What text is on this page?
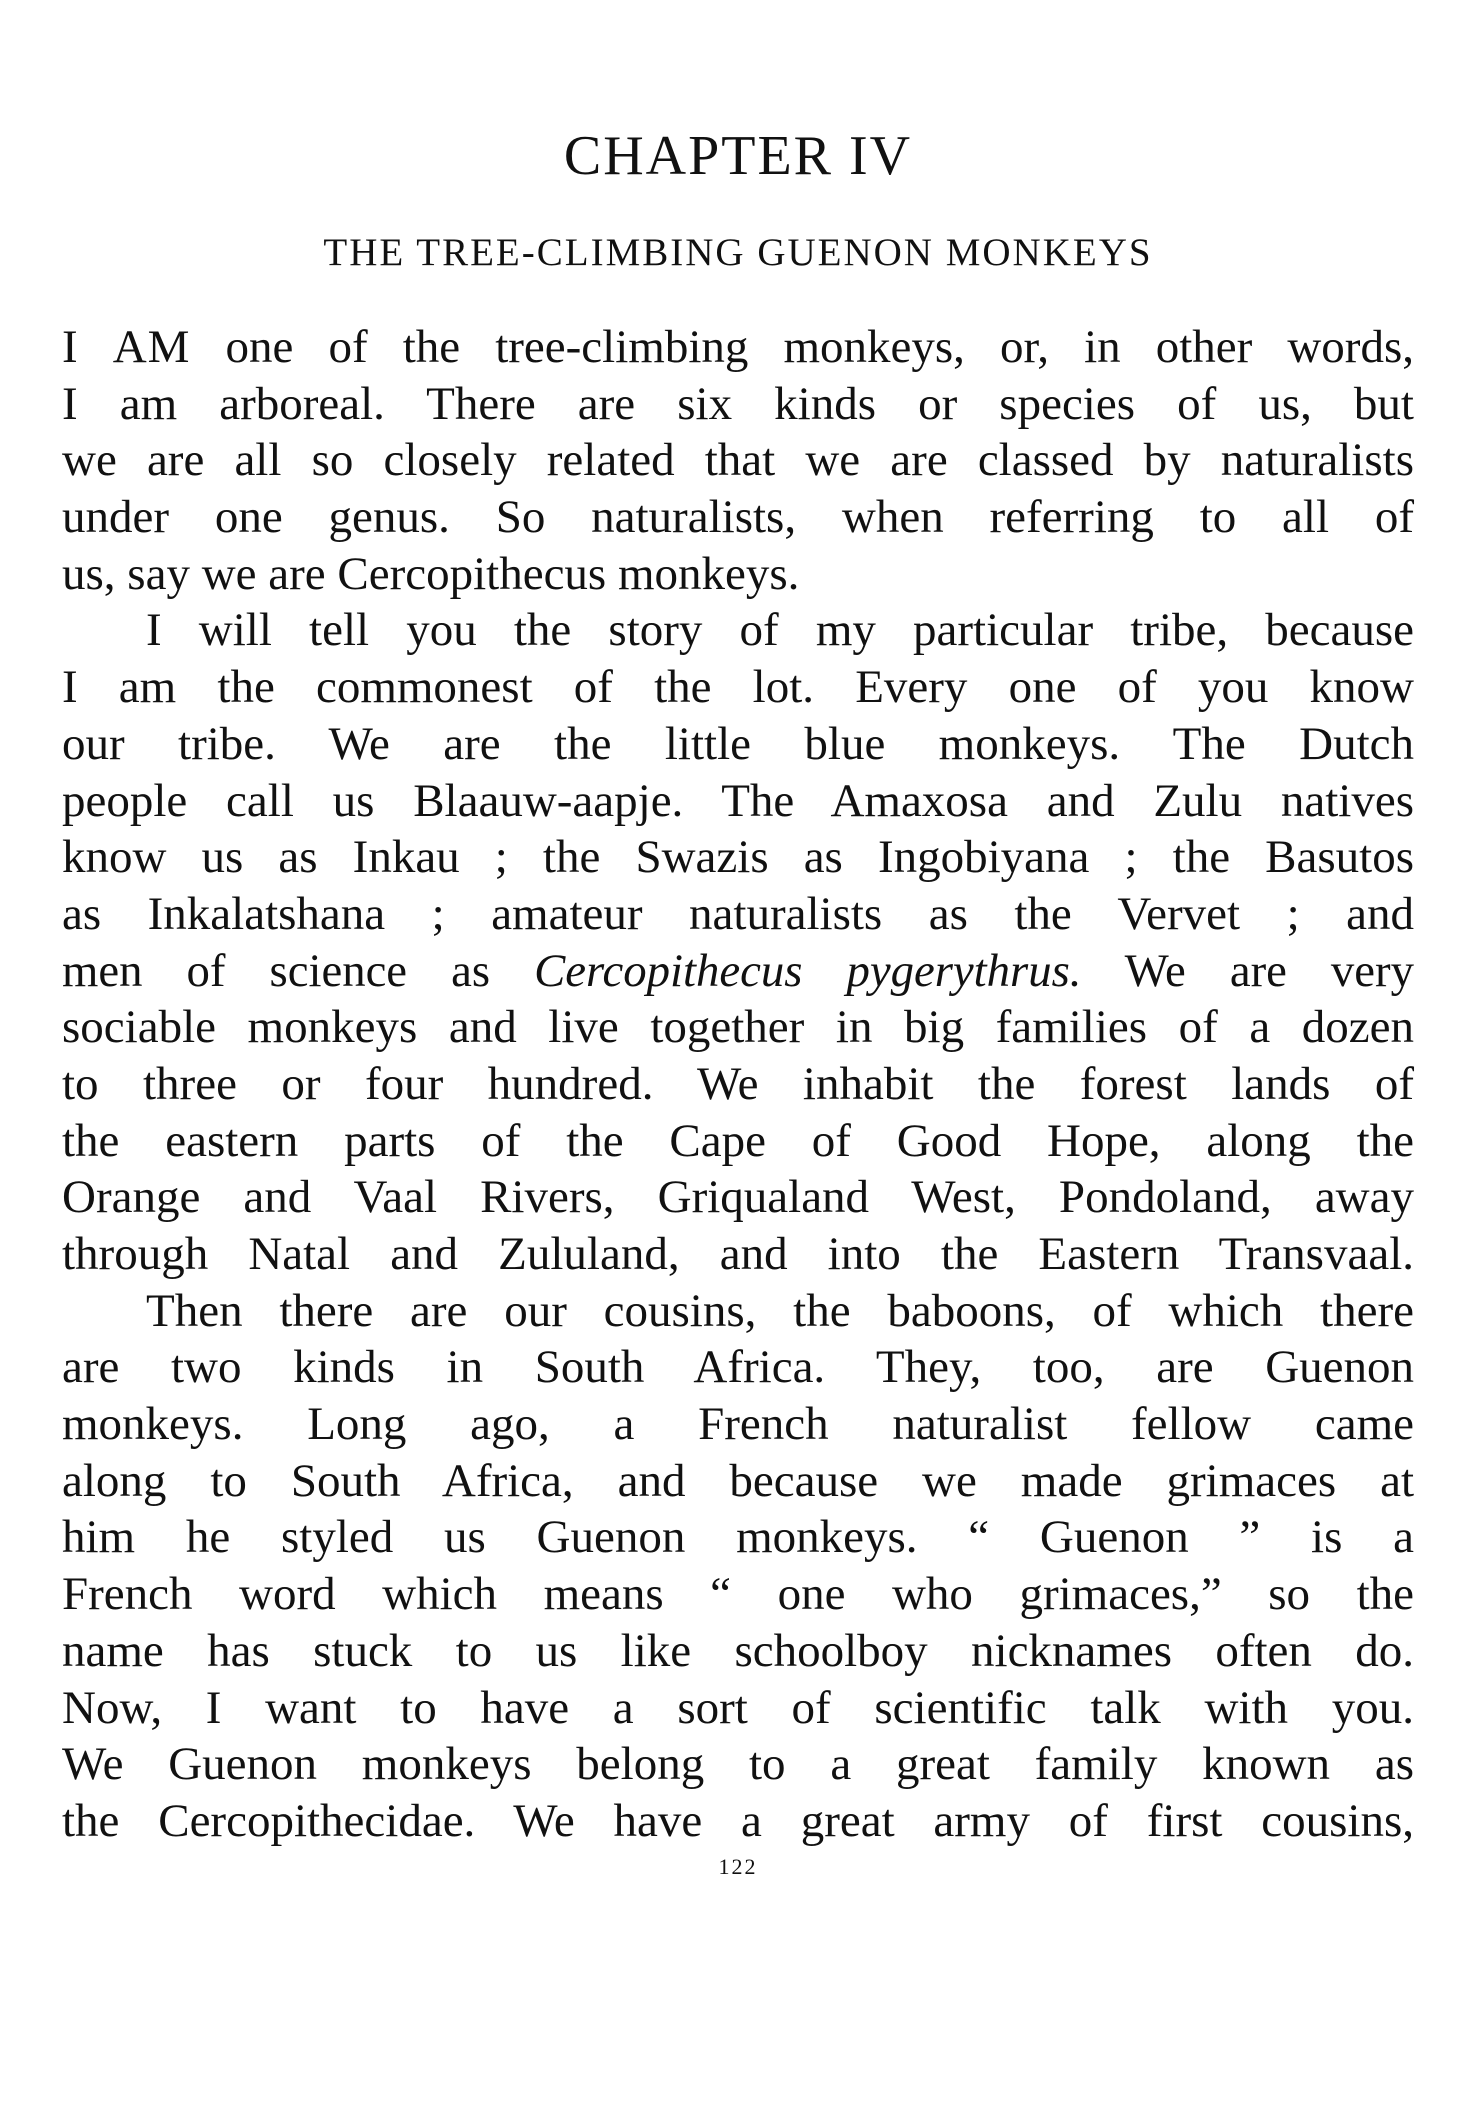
CHAPTER IV
THE TREE-CLIMBING GUENON MONKEYS
I AM one of the tree-climbing monkeys, or, in other words,
I am arboreal. There are six kinds or species of us, but
we are all so closely related that we are classed by naturalists
under one genus. So naturalists, when referring to all of
us, say we are Cercopithecus monkeys.
I will tell you the story of my particular tribe, because
I am the commonest of the lot. Every one of you know
our tribe. We are the little blue monkeys. The Dutch
people call us Blaauw-aapje. The Amaxosa and Zulu natives
know us as Inkau ; the Swazis as Ingobiyana ; the Basutos
as Inkalatshana ; amateur naturalists as the Vervet ; and
men of science as Cercopithecus pygerythrus. We are very
sociable monkeys and live together in big families of a dozen
to three or four hundred. We inhabit the forest lands of
the eastern parts of the Cape of Good Hope, along the
Orange and Vaal Rivers, Griqualand West, Pondoland, away
through Natal and Zululand, and into the Eastern Transvaal.
Then there are our cousins, the baboons, of which there
are two kinds in South Africa. They, too, are Guenon
monkeys. Long ago, a French naturalist fellow came
along to South Africa, and because we made grimaces at
him he styled us Guenon monkeys. “ Guenon ” is a
French word which means “ one who grimaces,” so the
name has stuck to us like schoolboy nicknames often do.
Now, I want to have a sort of scientific talk with you.
We Guenon monkeys belong to a great family known as
the Cercopithecidae. We have a great army of first cousins,
122
